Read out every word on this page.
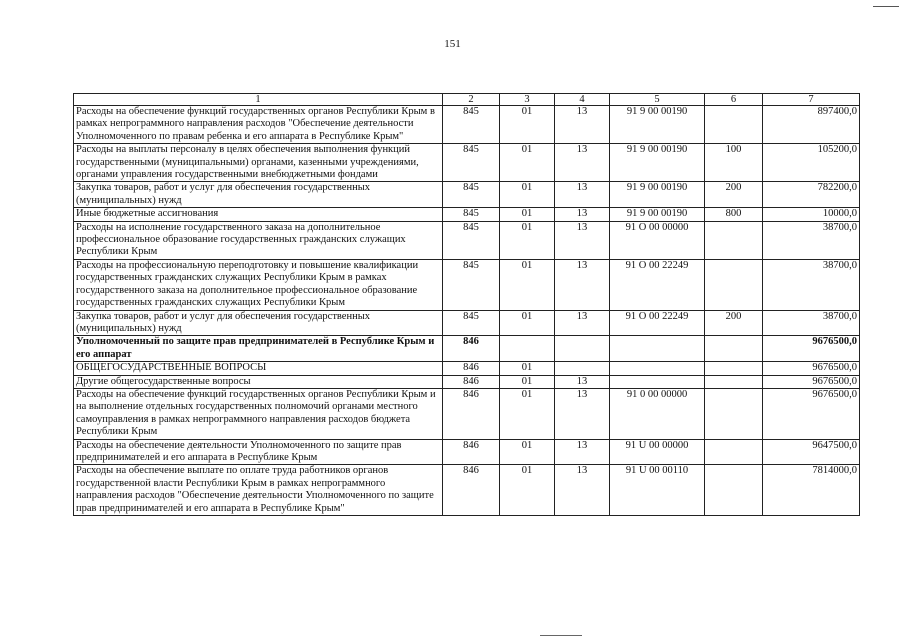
151
1	2	3	4	5	6	7
Расходы на обеспечение функций государственных органов Республики Крым в рамках непрограммного направления расходов "Обеспечение деятельности Уполномоченного по правам ребенка и его аппарата в Республике Крым"	845	01	13	91 9 00 00190		897400,0
Расходы на выплаты персоналу в целях обеспечения выполнения функций государственными (муниципальными) органами, казенными учреждениями, органами управления государственными внебюджетными фондами	845	01	13	91 9 00 00190	100	105200,0
Закупка товаров, работ и услуг для обеспечения государственных (муниципальных) нужд	845	01	13	91 9 00 00190	200	782200,0
Иные бюджетные ассигнования	845	01	13	91 9 00 00190	800	10000,0
Расходы на исполнение государственного заказа на дополнительное профессиональное образование государственных гражданских служащих Республики Крым	845	01	13	91 О 00 00000		38700,0
Расходы на профессиональную переподготовку и повышение квалификации государственных гражданских служащих Республики Крым в рамках государственного заказа на дополнительное профессиональное образование государственных гражданских служащих Республики Крым	845	01	13	91 О 00 22249		38700,0
Закупка товаров, работ и услуг для обеспечения государственных (муниципальных) нужд	845	01	13	91 О 00 22249	200	38700,0
Уполномоченный по защите прав предпринимателей в Республике Крым и его аппарат	846					9676500,0
ОБЩЕГОСУДАРСТВЕННЫЕ ВОПРОСЫ	846	01				9676500,0
Другие общегосударственные вопросы	846	01	13			9676500,0
Расходы на обеспечение функций государственных органов Республики Крым и на выполнение отдельных государственных полномочий органами местного самоуправления в рамках непрограммного направления расходов бюджета Республики Крым	846	01	13	91 0 00 00000		9676500,0
Расходы на обеспечение деятельности Уполномоченного по защите прав предпринимателей и его аппарата в Республике Крым	846	01	13	91 U 00 00000		9647500,0
Расходы на обеспечение выплате по оплате труда работников органов государственной власти Республики Крым в рамках непрограммного направления расходов "Обеспечение деятельности Уполномоченного по защите прав предпринимателей и его аппарата в Республике Крым"	846	01	13	91 U 00 00110		7814000,0
